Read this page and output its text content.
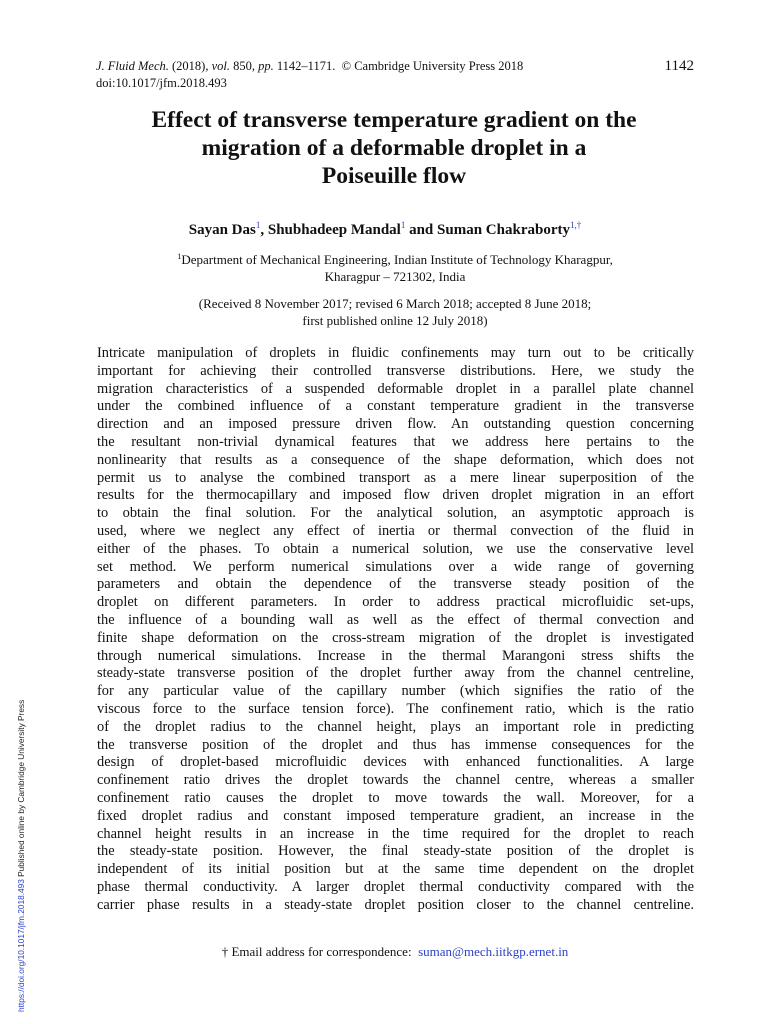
J. Fluid Mech. (2018), vol. 850, pp. 1142–1171. © Cambridge University Press 2018
doi:10.1017/jfm.2018.493
1142
Effect of transverse temperature gradient on the
migration of a deformable droplet in a
Poiseuille flow
Sayan Das$^1$, Shubhadeep Mandal$^1$ and Suman Chakraborty$^{1,\dagger}$
$^1$Department of Mechanical Engineering, Indian Institute of Technology Kharagpur,
Kharagpur – 721302, India
(Received 8 November 2017; revised 6 March 2018; accepted 8 June 2018;
first published online 12 July 2018)
Intricate manipulation of droplets in fluidic confinements may turn out to be critically
important for achieving their controlled transverse distributions. Here, we study the
migration characteristics of a suspended deformable droplet in a parallel plate channel
under the combined influence of a constant temperature gradient in the transverse
direction and an imposed pressure driven flow. An outstanding question concerning
the resultant non-trivial dynamical features that we address here pertains to the
nonlinearity that results as a consequence of the shape deformation, which does not
permit us to analyse the combined transport as a mere linear superposition of the
results for the thermocapillary and imposed flow driven droplet migration in an effort
to obtain the final solution. For the analytical solution, an asymptotic approach is
used, where we neglect any effect of inertia or thermal convection of the fluid in
either of the phases. To obtain a numerical solution, we use the conservative level
set method. We perform numerical simulations over a wide range of governing
parameters and obtain the dependence of the transverse steady position of the
droplet on different parameters. In order to address practical microfluidic set-ups,
the influence of a bounding wall as well as the effect of thermal convection and
finite shape deformation on the cross-stream migration of the droplet is investigated
through numerical simulations. Increase in the thermal Marangoni stress shifts the
steady-state transverse position of the droplet further away from the channel centreline,
for any particular value of the capillary number (which signifies the ratio of the
viscous force to the surface tension force). The confinement ratio, which is the ratio
of the droplet radius to the channel height, plays an important role in predicting
the transverse position of the droplet and thus has immense consequences for the
design of droplet-based microfluidic devices with enhanced functionalities. A large
confinement ratio drives the droplet towards the channel centre, whereas a smaller
confinement ratio causes the droplet to move towards the wall. Moreover, for a
fixed droplet radius and constant imposed temperature gradient, an increase in the
channel height results in an increase in the time required for the droplet to reach
the steady-state position. However, the final steady-state position of the droplet is
independent of its initial position but at the same time dependent on the droplet
phase thermal conductivity. A larger droplet thermal conductivity compared with the
carrier phase results in a steady-state droplet position closer to the channel centreline.
† Email address for correspondence: suman@mech.iitkgp.ernet.in
https://doi.org/10.1017/jfm.2018.493 Published online by Cambridge University Press
